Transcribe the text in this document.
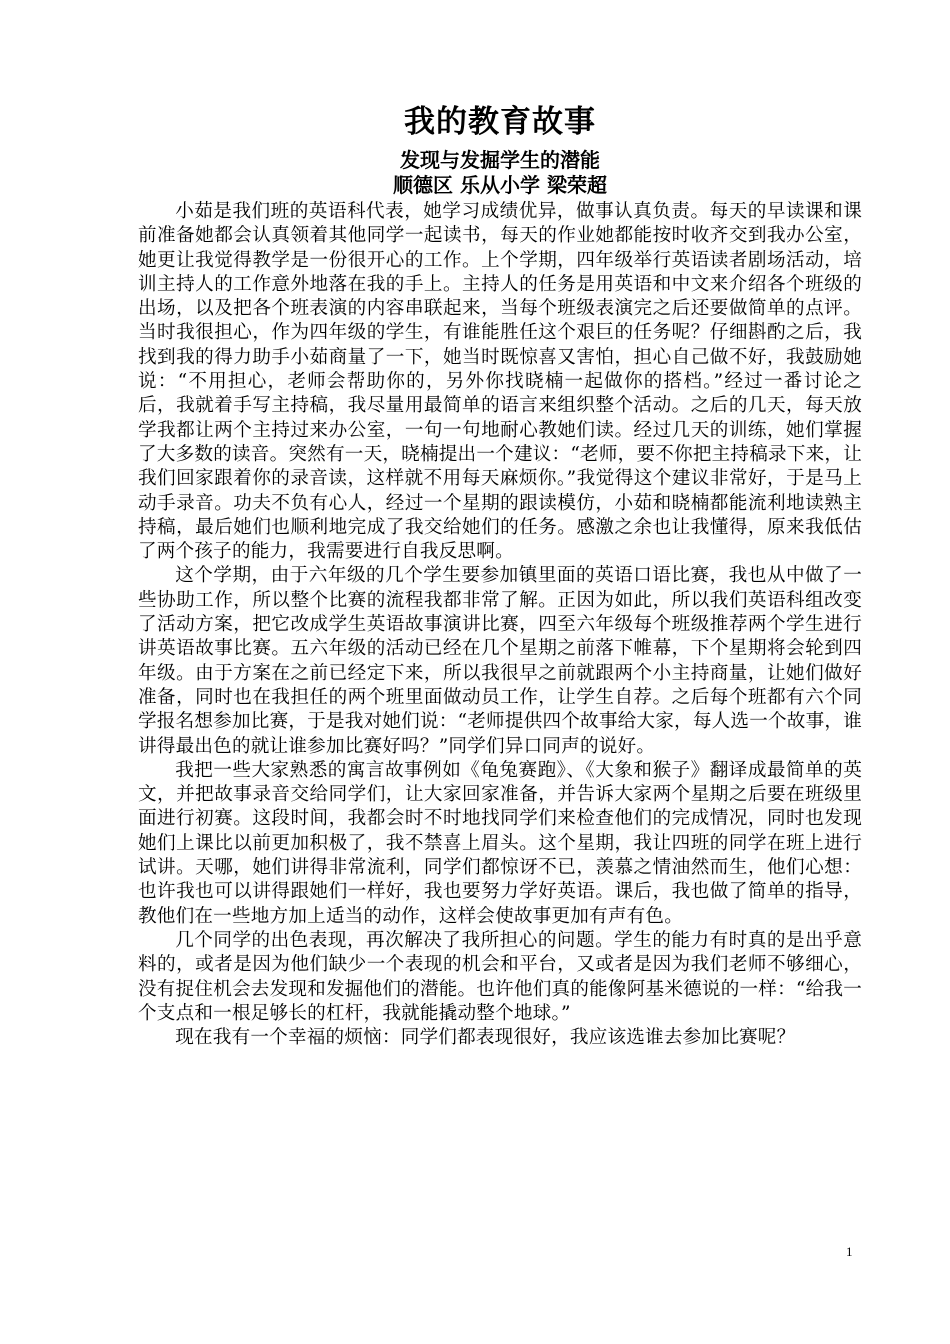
我的教育故事

发现与发掘学生的潜能

顺德区 乐从小学 梁荣超

小茹是我们班的英语科代表，她学习成绩优异，做事认真负责。每天的早读课和课前准备她都会认真领着其他同学一起读书，每天的作业她都能按时收齐交到我办公室，她更让我觉得教学是一份很开心的工作。上个学期，四年级举行英语读者剧场活动，培训主持人的工作意外地落在我的手上。主持人的任务是用英语和中文来介绍各个班级的出场，以及把各个班表演的内容串联起来，当每个班级表演完之后还要做简单的点评。当时我很担心，作为四年级的学生，有谁能胜任这个艰巨的任务呢？仔细斟酌之后，我找到我的得力助手小茹商量了一下，她当时既惊喜又害怕，担心自己做不好，我鼓励她说：“不用担心，老师会帮助你的，另外你找晓楠一起做你的搭档。”经过一番讨论之后，我就着手写主持稿，我尽量用最简单的语言来组织整个活动。之后的几天，每天放学我都让两个主持过来办公室，一句一句地耐心教她们读。经过几天的训练，她们掌握了大多数的读音。突然有一天，晓楠提出一个建议：“老师，要不你把主持稿录下来，让我们回家跟着你的录音读，这样就不用每天麻烦你。”我觉得这个建议非常好，于是马上动手录音。功夫不负有心人，经过一个星期的跟读模仿，小茹和晓楠都能流利地读熟主持稿，最后她们也顺利地完成了我交给她们的任务。感激之余也让我懂得，原来我低估了两个孩子的能力，我需要进行自我反思啊。

这个学期，由于六年级的几个学生要参加镇里面的英语口语比赛，我也从中做了一些协助工作，所以整个比赛的流程我都非常了解。正因为如此，所以我们英语科组改变了活动方案，把它改成学生英语故事演讲比赛，四至六年级每个班级推荐两个学生进行讲英语故事比赛。五六年级的活动已经在几个星期之前落下帷幕，下个星期将会轮到四年级。由于方案在之前已经定下来，所以我很早之前就跟两个小主持商量，让她们做好准备，同时也在我担任的两个班里面做动员工作，让学生自荐。之后每个班都有六个同学报名想参加比赛，于是我对她们说：“老师提供四个故事给大家，每人选一个故事，谁讲得最出色的就让谁参加比赛好吗？”同学们异口同声的说好。

我把一些大家熟悉的寓言故事例如《龟兔赛跑》、《大象和猴子》翻译成最简单的英文，并把故事录音交给同学们，让大家回家准备，并告诉大家两个星期之后要在班级里面进行初赛。这段时间，我都会时不时地找同学们来检查他们的完成情况，同时也发现她们上课比以前更加积极了，我不禁喜上眉头。这个星期，我让四班的同学在班上进行试讲。天哪，她们讲得非常流利，同学们都惊讶不已，羡慕之情油然而生，他们心想：也许我也可以讲得跟她们一样好，我也要努力学好英语。课后，我也做了简单的指导，教他们在一些地方加上适当的动作，这样会使故事更加有声有色。

几个同学的出色表现，再次解决了我所担心的问题。学生的能力有时真的是出乎意料的，或者是因为他们缺少一个表现的机会和平台，又或者是因为我们老师不够细心，没有捉住机会去发现和发掘他们的潜能。也许他们真的能像阿基米德说的一样：“给我一个支点和一根足够长的杠杆，我就能撬动整个地球。”

现在我有一个幸福的烦恼：同学们都表现很好，我应该选谁去参加比赛呢？

1
